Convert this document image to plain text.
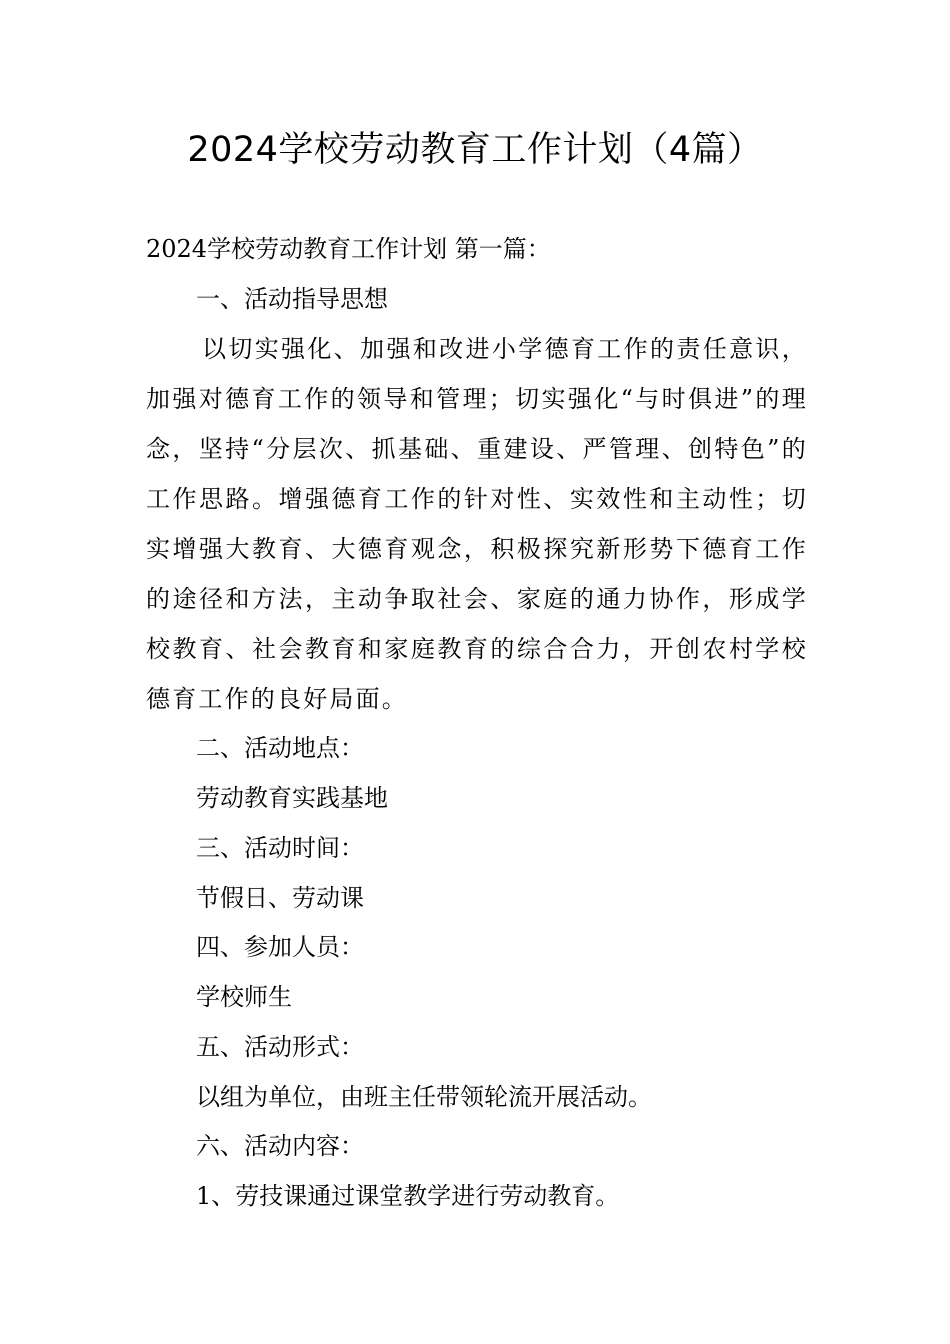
2024学校劳动教育工作计划（4篇）

2024学校劳动教育工作计划 第一篇：

一、活动指导思想

以切实强化、加强和改进小学德育工作的责任意识，加强对德育工作的领导和管理；切实强化“与时俱进”的理念，坚持“分层次、抓基础、重建设、严管理、创特色”的工作思路。增强德育工作的针对性、实效性和主动性；切实增强大教育、大德育观念，积极探究新形势下德育工作的途径和方法，主动争取社会、家庭的通力协作，形成学校教育、社会教育和家庭教育的综合合力，开创农村学校德育工作的良好局面。

二、活动地点：

劳动教育实践基地

三、活动时间：

节假日、劳动课

四、参加人员：

学校师生

五、活动形式：

以组为单位，由班主任带领轮流开展活动。

六、活动内容：

1、劳技课通过课堂教学进行劳动教育。
